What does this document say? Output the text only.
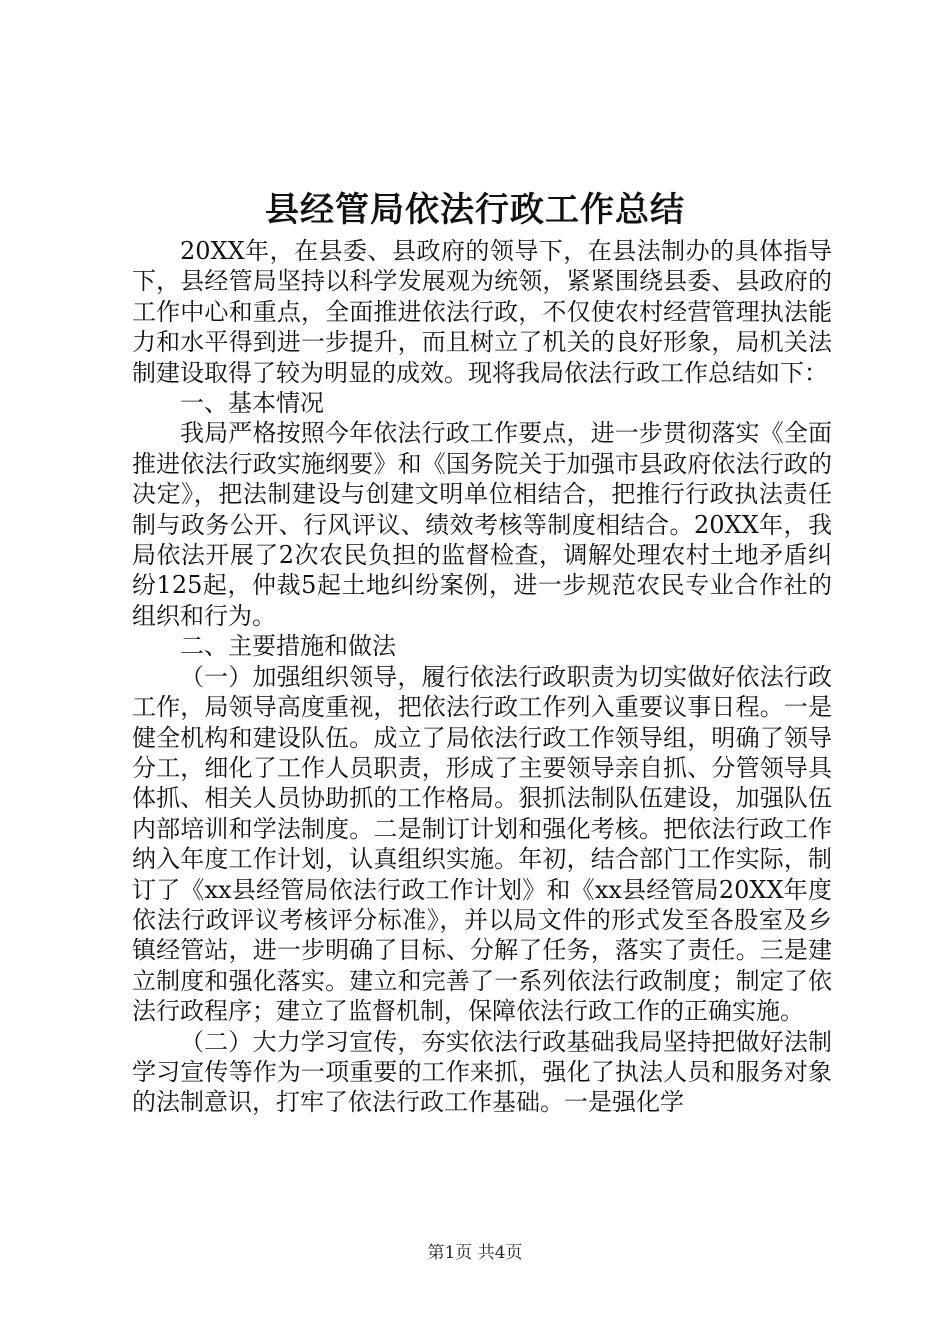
县经管局依法行政工作总结

20XX年，在县委、县政府的领导下，在县法制办的具体指导下，县经管局坚持以科学发展观为统领，紧紧围绕县委、县政府的工作中心和重点，全面推进依法行政，不仅使农村经营管理执法能力和水平得到进一步提升，而且树立了机关的良好形象，局机关法制建设取得了较为明显的成效。现将我局依法行政工作总结如下：

一、基本情况

我局严格按照今年依法行政工作要点，进一步贯彻落实《全面推进依法行政实施纲要》和《国务院关于加强市县政府依法行政的决定》，把法制建设与创建文明单位相结合，把推行行政执法责任制与政务公开、行风评议、绩效考核等制度相结合。20XX年，我局依法开展了2次农民负担的监督检查，调解处理农村土地矛盾纠纷125起，仲裁5起土地纠纷案例，进一步规范农民专业合作社的组织和行为。

二、主要措施和做法

（一）加强组织领导，履行依法行政职责为切实做好依法行政工作，局领导高度重视，把依法行政工作列入重要议事日程。一是健全机构和建设队伍。成立了局依法行政工作领导组，明确了领导分工，细化了工作人员职责，形成了主要领导亲自抓、分管领导具体抓、相关人员协助抓的工作格局。狠抓法制队伍建设，加强队伍内部培训和学法制度。二是制订计划和强化考核。把依法行政工作纳入年度工作计划，认真组织实施。年初，结合部门工作实际，制订了《xx县经管局依法行政工作计划》和《xx县经管局20XX年度依法行政评议考核评分标准》，并以局文件的形式发至各股室及乡镇经管站，进一步明确了目标、分解了任务，落实了责任。三是建立制度和强化落实。建立和完善了一系列依法行政制度；制定了依法行政程序；建立了监督机制，保障依法行政工作的正确实施。

（二）大力学习宣传，夯实依法行政基础我局坚持把做好法制学习宣传等作为一项重要的工作来抓，强化了执法人员和服务对象的法制意识，打牢了依法行政工作基础。一是强化学

第1页 共4页
